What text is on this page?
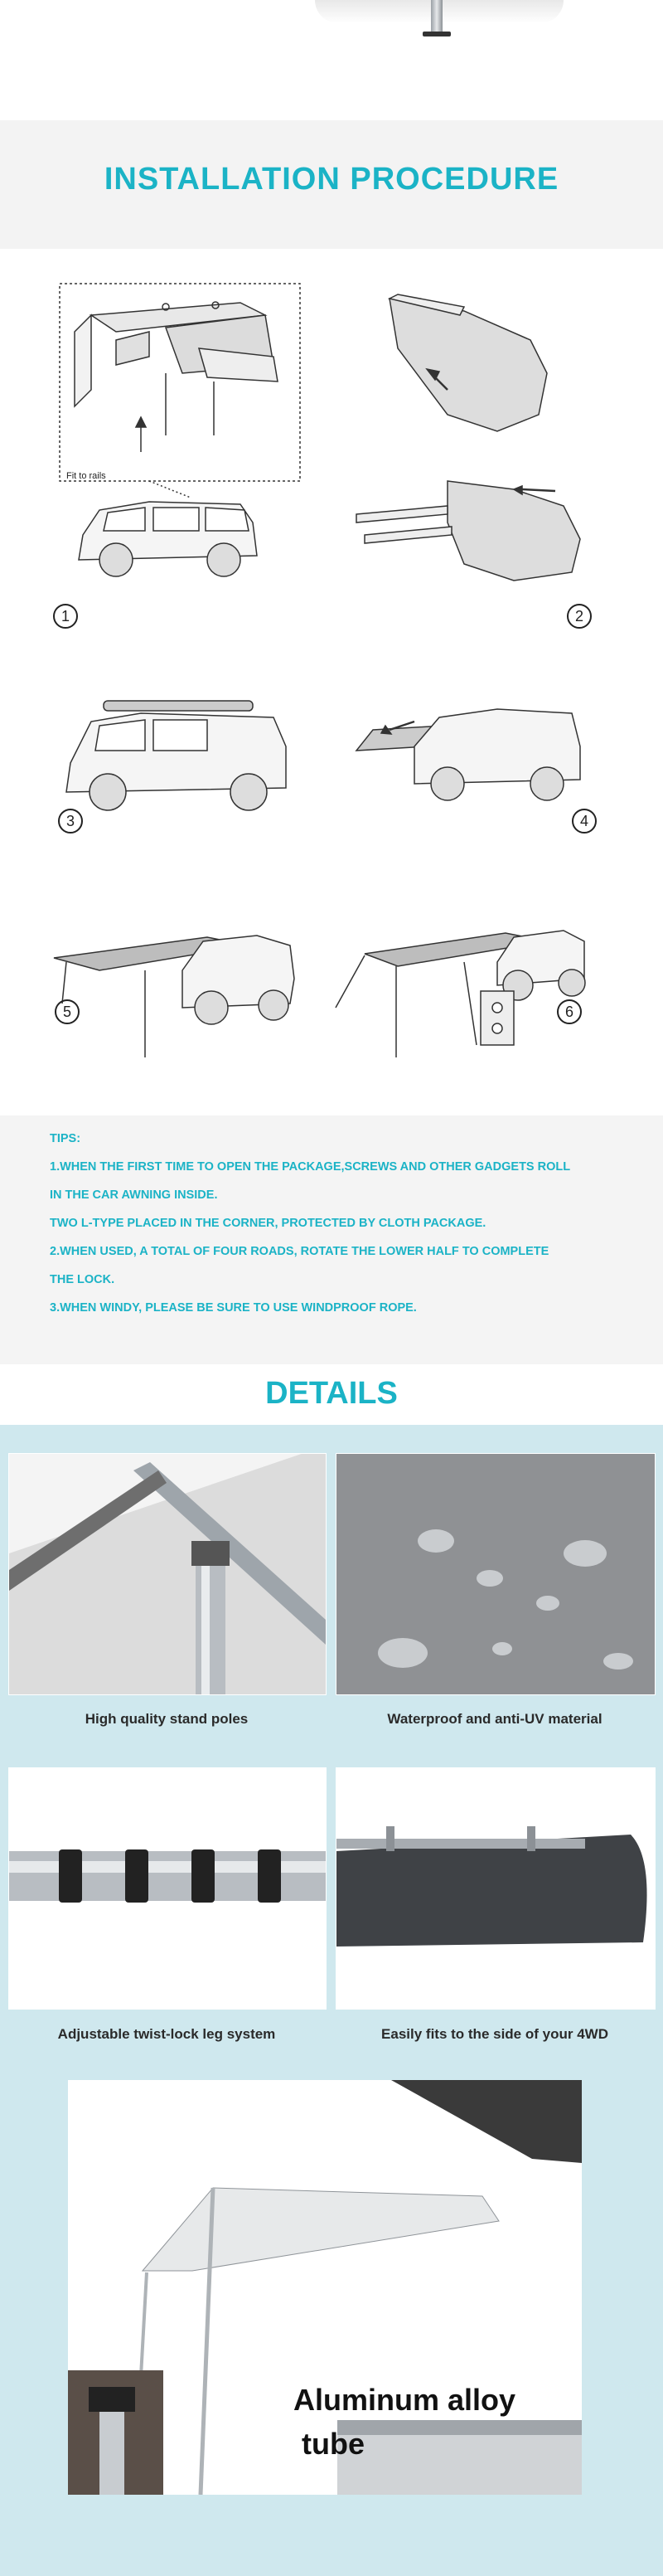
INSTALLATION PROCEDURE
Fit to rails
1	2
3	4
5	6
TIPS:
1.WHEN THE FIRST TIME TO OPEN THE PACKAGE,SCREWS AND OTHER GADGETS ROLL
IN THE CAR AWNING INSIDE.
TWO L-TYPE PLACED IN THE CORNER, PROTECTED BY CLOTH PACKAGE.
2.WHEN USED, A TOTAL OF FOUR ROADS, ROTATE THE LOWER HALF TO COMPLETE
THE LOCK.
3.WHEN WINDY, PLEASE BE SURE TO USE WINDPROOF ROPE.
DETAILS
High quality stand poles	Waterproof and anti-UV material
Adjustable twist-lock leg system	Easily fits to the side of your 4WD
Aluminum alloy
tube
